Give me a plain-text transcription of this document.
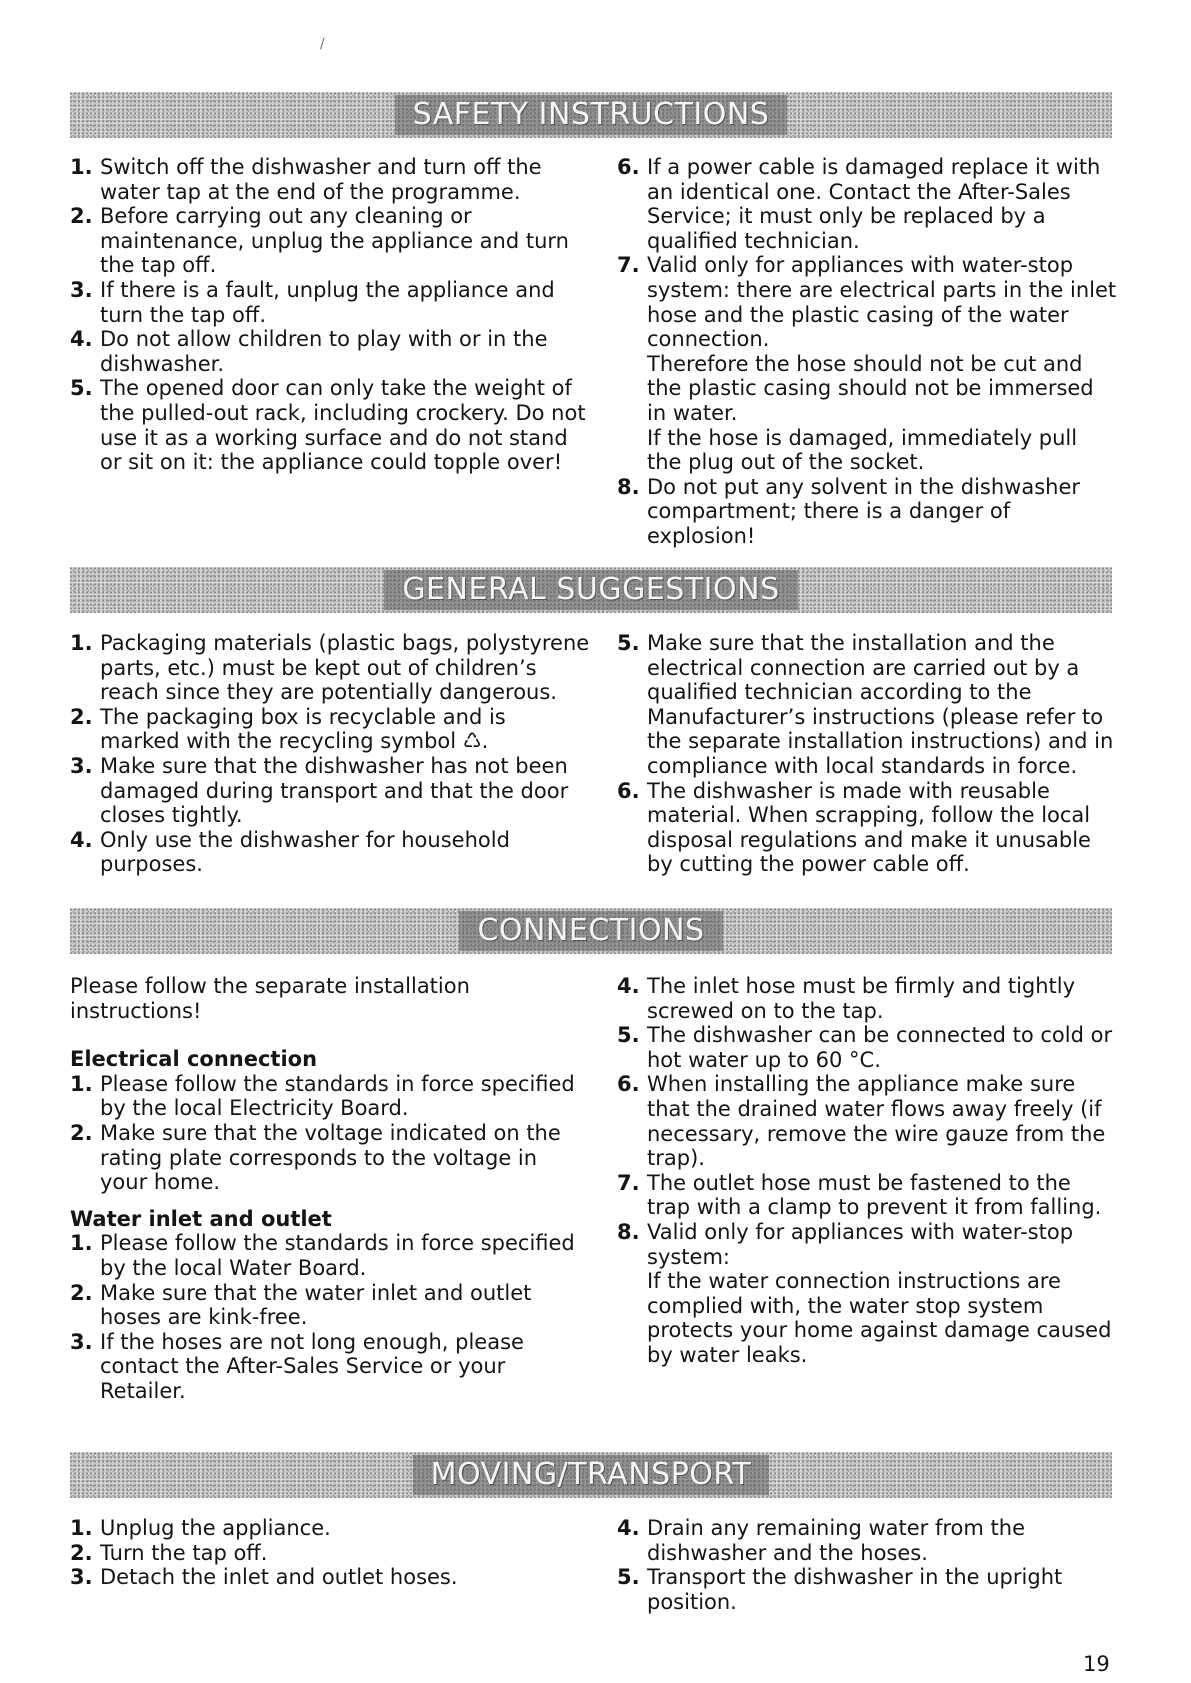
/
SAFETY INSTRUCTIONS
1. Switch off the dishwasher and turn off the water tap at the end of the programme.
2. Before carrying out any cleaning or maintenance, unplug the appliance and turn the tap off.
3. If there is a fault, unplug the appliance and turn the tap off.
4. Do not allow children to play with or in the dishwasher.
5. The opened door can only take the weight of the pulled-out rack, including crockery. Do not use it as a working surface and do not stand or sit on it: the appliance could topple over!
6. If a power cable is damaged replace it with an identical one. Contact the After-Sales Service; it must only be replaced by a qualified technician.
7. Valid only for appliances with water-stop system: there are electrical parts in the inlet hose and the plastic casing of the water connection.
Therefore the hose should not be cut and the plastic casing should not be immersed in water.
If the hose is damaged, immediately pull the plug out of the socket.
8. Do not put any solvent in the dishwasher compartment; there is a danger of explosion!
GENERAL SUGGESTIONS
1. Packaging materials (plastic bags, polystyrene parts, etc.) must be kept out of children’s reach since they are potentially dangerous.
2. The packaging box is recyclable and is marked with the recycling symbol ♺.
3. Make sure that the dishwasher has not been damaged during transport and that the door closes tightly.
4. Only use the dishwasher for household purposes.
5. Make sure that the installation and the electrical connection are carried out by a qualified technician according to the Manufacturer’s instructions (please refer to the separate installation instructions) and in compliance with local standards in force.
6. The dishwasher is made with reusable material. When scrapping, follow the local disposal regulations and make it unusable by cutting the power cable off.
CONNECTIONS

Please follow the separate installation instructions!

Electrical connection

1. Please follow the standards in force specified by the local Electricity Board.
2. Make sure that the voltage indicated on the rating plate corresponds to the voltage in your home.

Water inlet and outlet

1. Please follow the standards in force specified by the local Water Board.
2. Make sure that the water inlet and outlet hoses are kink-free.
3. If the hoses are not long enough, please contact the After-Sales Service or your Retailer.
4. The inlet hose must be firmly and tightly screwed on to the tap.
5. The dishwasher can be connected to cold or hot water up to 60 °C.
6. When installing the appliance make sure that the drained water flows away freely (if necessary, remove the wire gauze from the trap).
7. The outlet hose must be fastened to the trap with a clamp to prevent it from falling.
8. Valid only for appliances with water-stop system:
If the water connection instructions are complied with, the water stop system protects your home against damage caused by water leaks.
MOVING/TRANSPORT
1. Unplug the appliance.
2. Turn the tap off.
3. Detach the inlet and outlet hoses.
4. Drain any remaining water from the dishwasher and the hoses.
5. Transport the dishwasher in the upright position.
19
